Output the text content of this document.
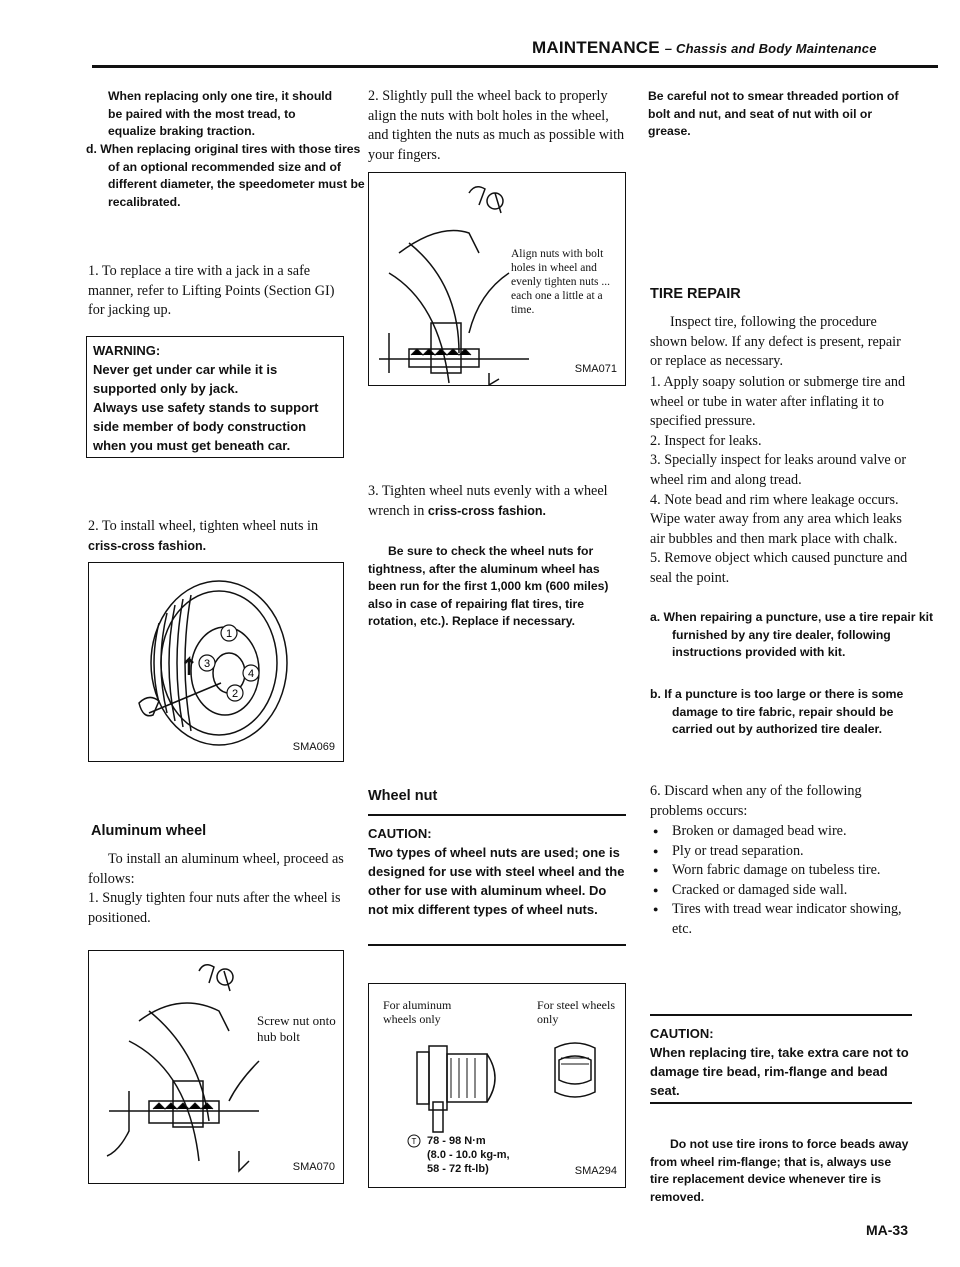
MAINTENANCE – Chassis and Body Maintenance
When replacing only one tire, it should be paired with the most tread, to equalize braking traction.
d. When replacing original tires with those tires of an optional recommended size and of different diameter, the speedometer must be recalibrated.
1. To replace a tire with a jack in a safe manner, refer to Lifting Points (Section GI) for jacking up.
WARNING:
Never get under car while it is supported only by jack.
Always use safety stands to support side member of body construction when you must get beneath car.
2. To install wheel, tighten wheel nuts in criss-cross fashion.
1
3
4
2
SMA069
Aluminum wheel
To install an aluminum wheel, proceed as follows:
1. Snugly tighten four nuts after the wheel is positioned.
Screw nut onto hub bolt
SMA070
2. Slightly pull the wheel back to properly align the nuts with bolt holes in the wheel, and tighten the nuts as much as possible with your fingers.
Align nuts with bolt holes in wheel and evenly tighten nuts ... each one a little at a time.
SMA071
3. Tighten wheel nuts evenly with a wheel wrench in criss-cross fashion.
Be sure to check the wheel nuts for tightness, after the aluminum wheel has been run for the first 1,000 km (600 miles) also in case of repairing flat tires, tire rotation, etc.). Replace if necessary.
Wheel nut
CAUTION:
Two types of wheel nuts are used; one is designed for use with steel wheel and the other for use with aluminum wheel. Do not mix different types of wheel nuts.
For aluminum wheels only
For steel wheels only
T 78 - 98 N·m
(8.0 - 10.0 kg-m,
58 - 72 ft-lb)	SMA294
Be careful not to smear threaded portion of bolt and nut, and seat of nut with oil or grease.
TIRE REPAIR
Inspect tire, following the procedure shown below. If any defect is present, repair or replace as necessary.
1. Apply soapy solution or submerge tire and wheel or tube in water after inflating it to specified pressure.
2. Inspect for leaks.
3. Specially inspect for leaks around valve or wheel rim and along tread.
4. Note bead and rim where leakage occurs. Wipe water away from any area which leaks air bubbles and then mark place with chalk.
5. Remove object which caused puncture and seal the point.
a. When repairing a puncture, use a tire repair kit furnished by any tire dealer, following instructions provided with kit.
b. If a puncture is too large or there is some damage to tire fabric, repair should be carried out by authorized tire dealer.
6. Discard when any of the following problems occurs:
● Broken or damaged bead wire.
● Ply or tread separation.
● Worn fabric damage on tubeless tire.
● Cracked or damaged side wall.
● Tires with tread wear indicator showing, etc.
CAUTION:
When replacing tire, take extra care not to damage tire bead, rim-flange and bead seat.
Do not use tire irons to force beads away from wheel rim-flange; that is, always use tire replacement device whenever tire is removed.
MA-33
